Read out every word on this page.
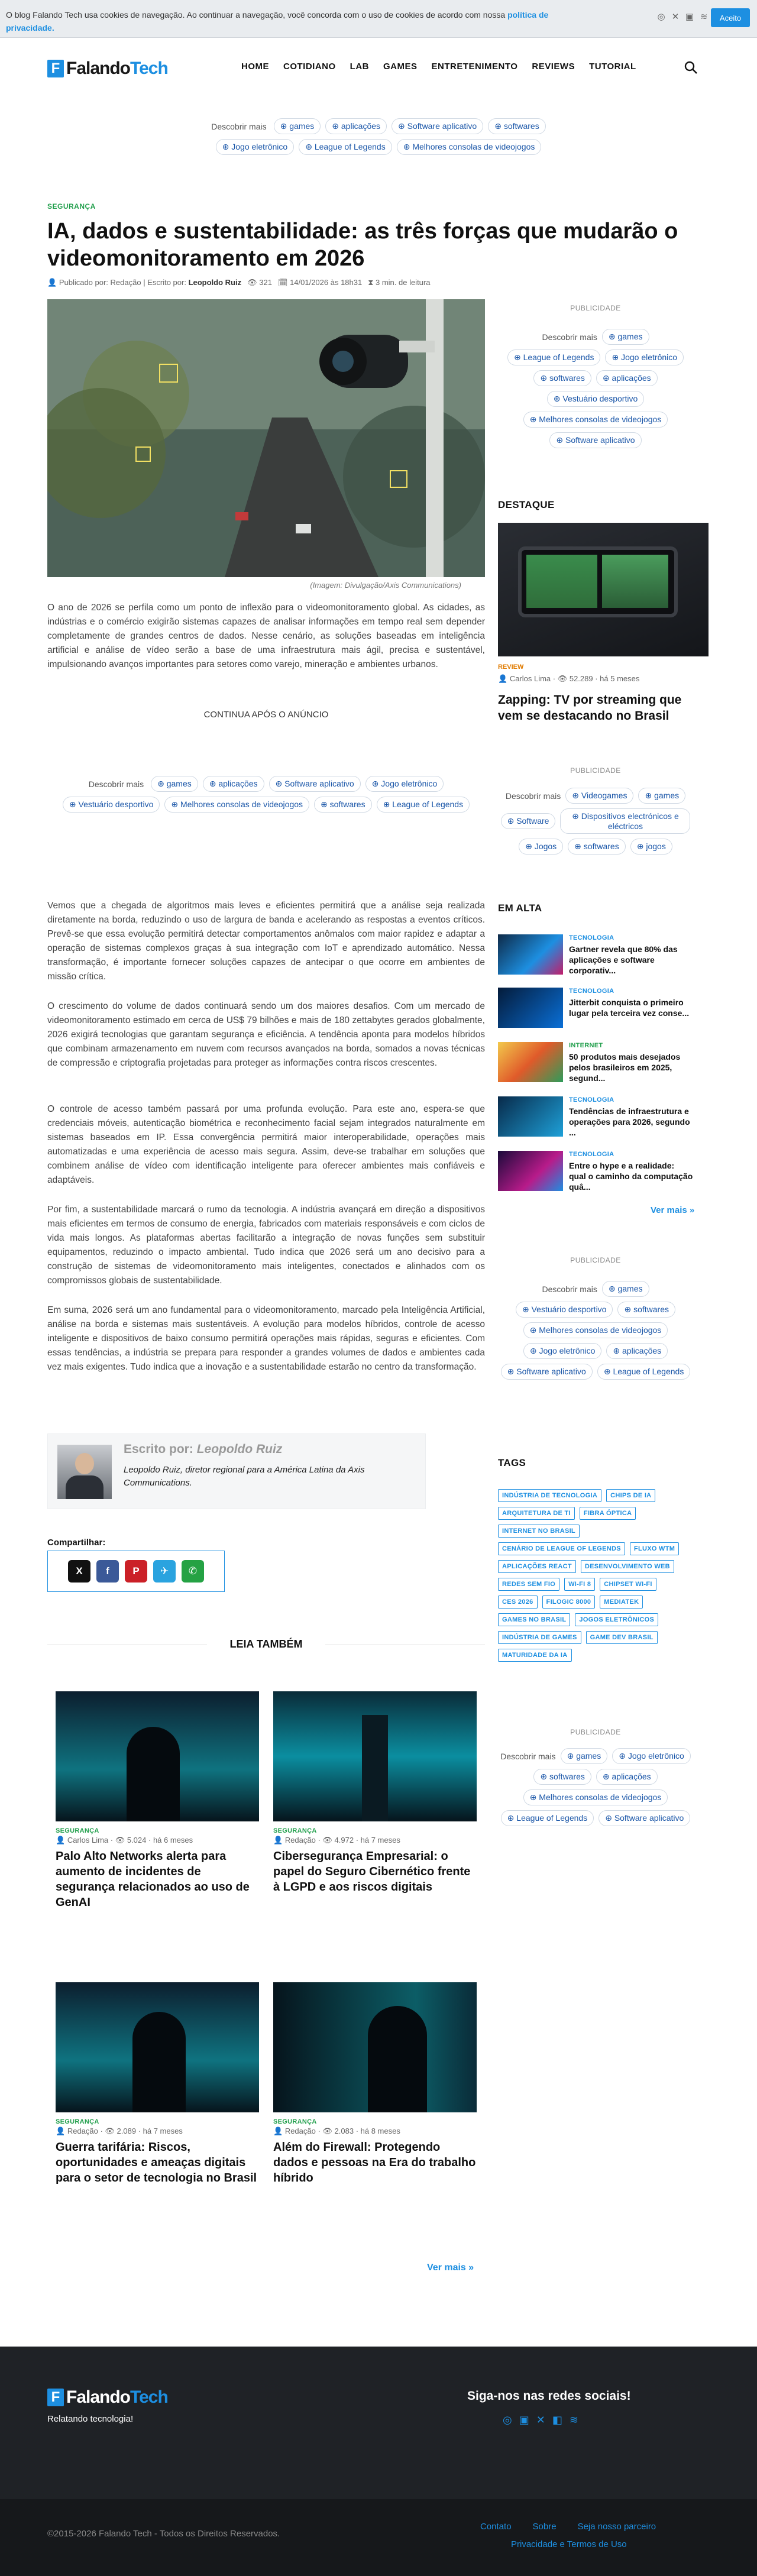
O blog Falando Tech usa cookies de navegação. Ao continuar a navegação, você concorda com o uso de cookies de acordo com nossa política de privacidade.
◎ ✕ ▣ ≋	Aceito
F FalandoTech	HOME COTIDIANO LAB GAMES ENTRETENIMENTO REVIEWS TUTORIAL
Descobrir mais	⊕ games	⊕ aplicações	⊕ Software aplicativo	⊕ softwares
⊕ Jogo eletrônico	⊕ League of Legends	⊕ Melhores consolas de videojogos
SEGURANÇA
IA, dados e sustentabilidade: as três forças que mudarão o videomonitoramento em 2026
👤 Publicado por: Redação | Escrito por: Leopoldo Ruiz 👁 321 🗓 14/01/2026 às 18h31 ⧗ 3 min. de leitura
(Imagem: Divulgação/Axis Communications)
O ano de 2026 se perfila como um ponto de inflexão para o videomonitoramento global. As cidades, as indústrias e o comércio exigirão sistemas capazes de analisar informações em tempo real sem depender completamente de grandes centros de dados. Nesse cenário, as soluções baseadas em inteligência artificial e análise de vídeo serão a base de uma infraestrutura mais ágil, precisa e sustentável, impulsionando avanços importantes para setores como varejo, mineração e ambientes urbanos.
CONTINUA APÓS O ANÚNCIO
Descobrir mais	⊕ games	⊕ aplicações	⊕ Software aplicativo	⊕ Jogo eletrônico
⊕ Vestuário desportivo	⊕ Melhores consolas de videojogos	⊕ softwares	⊕ League of Legends
Vemos que a chegada de algoritmos mais leves e eficientes permitirá que a análise seja realizada diretamente na borda, reduzindo o uso de largura de banda e acelerando as respostas a eventos críticos. Prevê-se que essa evolução permitirá detectar comportamentos anômalos com maior rapidez e adaptar a operação de sistemas complexos graças à sua integração com IoT e aprendizado automático. Nessa transformação, é importante fornecer soluções capazes de antecipar o que ocorre em ambientes de missão crítica.
O crescimento do volume de dados continuará sendo um dos maiores desafios. Com um mercado de videomonitoramento estimado em cerca de US$ 79 bilhões e mais de 180 zettabytes gerados globalmente, 2026 exigirá tecnologias que garantam segurança e eficiência. A tendência aponta para modelos híbridos que combinam armazenamento em nuvem com recursos avançados na borda, somados a novas técnicas de compressão e criptografia projetadas para proteger as informações contra riscos crescentes.
O controle de acesso também passará por uma profunda evolução. Para este ano, espera-se que credenciais móveis, autenticação biométrica e reconhecimento facial sejam integrados naturalmente em sistemas baseados em IP. Essa convergência permitirá maior interoperabilidade, operações mais automatizadas e uma experiência de acesso mais segura. Assim, deve-se trabalhar em soluções que combinem análise de vídeo com identificação inteligente para oferecer ambientes mais confiáveis e adaptáveis.
Por fim, a sustentabilidade marcará o rumo da tecnologia. A indústria avançará em direção a dispositivos mais eficientes em termos de consumo de energia, fabricados com materiais responsáveis e com ciclos de vida mais longos. As plataformas abertas facilitarão a integração de novas funções sem substituir equipamentos, reduzindo o impacto ambiental. Tudo indica que 2026 será um ano decisivo para a construção de sistemas de videomonitoramento mais inteligentes, conectados e alinhados com os compromissos globais de sustentabilidade.
Em suma, 2026 será um ano fundamental para o videomonitoramento, marcado pela Inteligência Artificial, análise na borda e sistemas mais sustentáveis. A evolução para modelos híbridos, controle de acesso inteligente e dispositivos de baixo consumo permitirá operações mais rápidas, seguras e eficientes. Com essas tendências, a indústria se prepara para responder a grandes volumes de dados e ambientes cada vez mais exigentes. Tudo indica que a inovação e a sustentabilidade estarão no centro da transformação.
Escrito por: Leopoldo Ruiz
Leopoldo Ruiz, diretor regional para a América Latina da Axis Communications.
Compartilhar:
X	f	P	✈	✆
LEIA TAMBÉM
SEGURANÇA
👤 Carlos Lima · 👁 5.024 · há 6 meses
Palo Alto Networks alerta para aumento de incidentes de segurança relacionados ao uso de GenAI
SEGURANÇA
👤 Redação · 👁 4.972 · há 7 meses
Cibersegurança Empresarial: o papel do Seguro Cibernético frente à LGPD e aos riscos digitais
SEGURANÇA
👤 Redação · 👁 2.089 · há 7 meses
Guerra tarifária: Riscos, oportunidades e ameaças digitais para o setor de tecnologia no Brasil
SEGURANÇA
👤 Redação · 👁 2.083 · há 8 meses
Além do Firewall: Protegendo dados e pessoas na Era do trabalho híbrido
Ver mais »
PUBLICIDADE
Descobrir mais	⊕ games
⊕ League of Legends	⊕ Jogo eletrônico
⊕ softwares	⊕ aplicações
⊕ Vestuário desportivo
⊕ Melhores consolas de videojogos
⊕ Software aplicativo
DESTAQUE
REVIEW
👤 Carlos Lima · 👁 52.289 · há 5 meses
Zapping: TV por streaming que vem se destacando no Brasil
PUBLICIDADE
Descobrir mais	⊕ Videogames	⊕ games
⊕ Software	⊕ Dispositivos electrónicos e eléctricos
⊕ Jogos	⊕ softwares	⊕ jogos
EM ALTA
TECNOLOGIA
Gartner revela que 80% das aplicações e software corporativ...
TECNOLOGIA
Jitterbit conquista o primeiro lugar pela terceira vez conse...
INTERNET
50 produtos mais desejados pelos brasileiros em 2025, segund...
TECNOLOGIA
Tendências de infraestrutura e operações para 2026, segundo ...
TECNOLOGIA
Entre o hype e a realidade: qual o caminho da computação quâ...
Ver mais »
PUBLICIDADE
Descobrir mais	⊕ games
⊕ Vestuário desportivo	⊕ softwares
⊕ Melhores consolas de videojogos
⊕ Jogo eletrônico	⊕ aplicações
⊕ Software aplicativo	⊕ League of Legends
TAGS
INDÚSTRIA DE TECNOLOGIA	CHIPS DE IA
ARQUITETURA DE TI	FIBRA ÓPTICA
INTERNET NO BRASIL
CENÁRIO DE LEAGUE OF LEGENDS	FLUXO WTM
APLICAÇÕES REACT	DESENVOLVIMENTO WEB
REDES SEM FIO	WI-FI 8	CHIPSET WI-FI
CES 2026	FILOGIC 8000	MEDIATEK
GAMES NO BRASIL	JOGOS ELETRÔNICOS
INDÚSTRIA DE GAMES	GAME DEV BRASIL
MATURIDADE DA IA
PUBLICIDADE
Descobrir mais	⊕ games	⊕ Jogo eletrônico
⊕ softwares	⊕ aplicações
⊕ Melhores consolas de videojogos
⊕ League of Legends	⊕ Software aplicativo
F FalandoTech
Relatando tecnologia!
Siga-nos nas redes sociais!
◎ ▣ ✕ ◧ ≋
©2015-2026 Falando Tech - Todos os Direitos Reservados.
Contato Sobre Seja nosso parceiro
Privacidade e Termos de Uso
